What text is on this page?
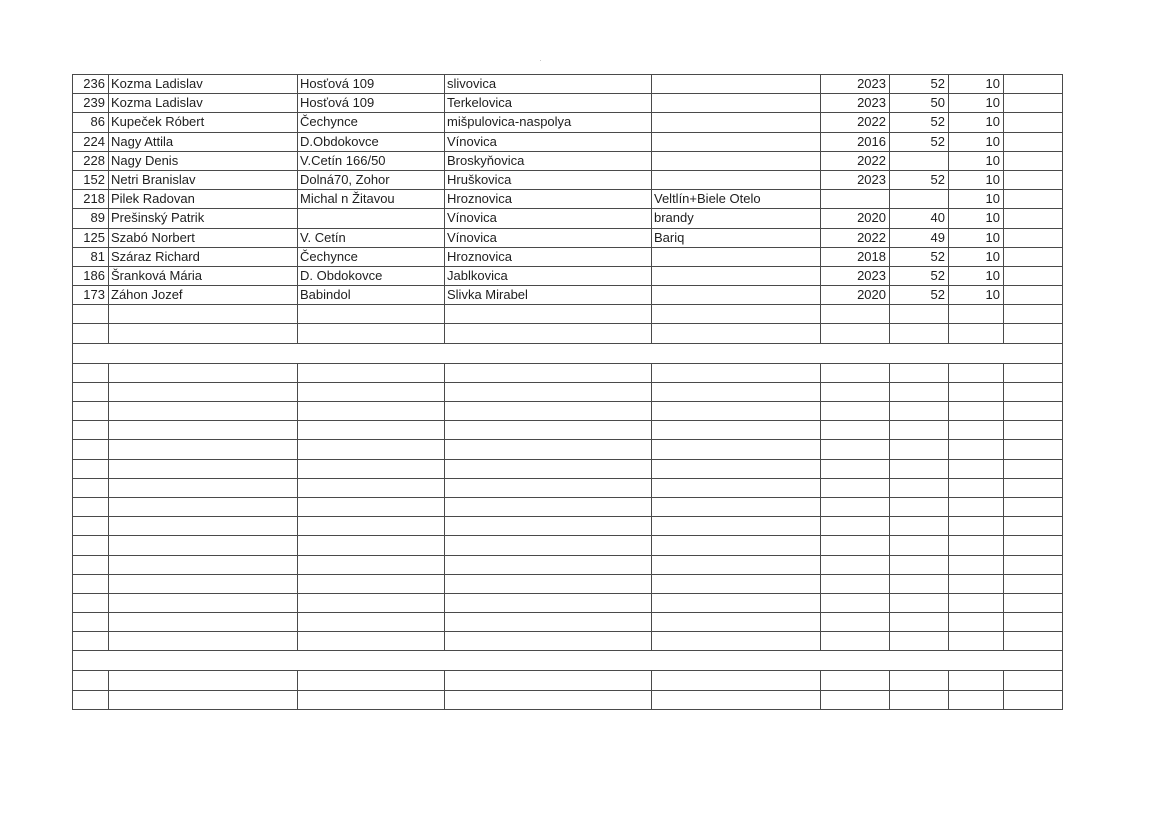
236	Kozma Ladislav	Hosťová 109	slivovica		2023	52	10	
239	Kozma Ladislav	Hosťová 109	Terkelovica		2023	50	10	
86	Kupeček Róbert	Čechynce	mišpulovica-naspolya		2022	52	10	
224	Nagy Attila	D.Obdokovce	Vínovica		2016	52	10	
228	Nagy Denis	V.Cetín 166/50	Broskyňovica		2022		10	
152	Netri Branislav	Dolná70, Zohor	Hruškovica		2023	52	10	
218	Pilek Radovan	Michal n Žitavou	Hroznovica	Veltlín+Biele Otelo			10	
89	Prešinský Patrik		Vínovica	brandy	2020	40	10	
125	Szabó Norbert	V. Cetín	Vínovica	Bariq	2022	49	10	
81	Száraz Richard	Čechynce	Hroznovica		2018	52	10	
186	Šranková Mária	D. Obdokovce	Jablkovica		2023	52	10	
173	Záhon Jozef	Babindol	Slivka Mirabel		2020	52	10	
